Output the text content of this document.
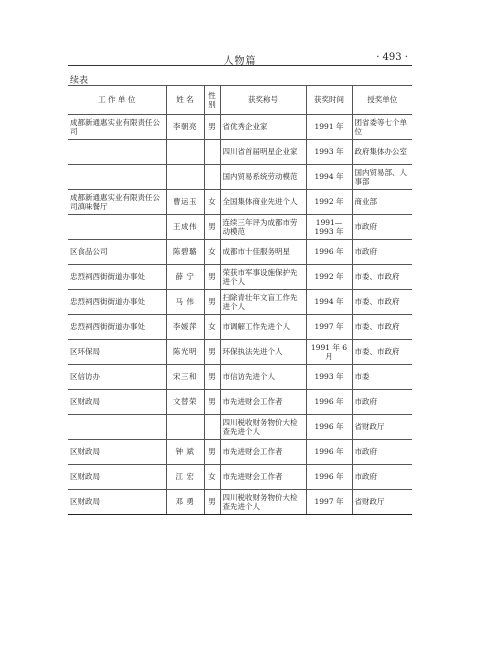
人物篇	· 493 ·
续表
工 作 单 位	姓 名	性别	获奖称号	获奖时间	授奖单位
成都新通惠实业有限责任公司	李朝亮	男	省优秀企业家	1991 年	团省委等七个单位
			四川省首届明星企业家	1993 年	政府集体办公室
			国内贸易系统劳动模范	1994 年	国内贸易部、人事部
成都新通惠实业有限责任公司滇味餐厅	曹运玉	女	全国集体商业先进个人	1992 年	商业部
	王成伟	男	连续三年评为成都市劳动模范	1991—1993 年	市政府
区食品公司	陈碧璐	女	成都市十佳服务明星	1996 年	市政府
忠烈祠西街街道办事处	薛 宁	男	荣获市军事设施保护先进个人	1992 年	市委、市政府
忠烈祠西街街道办事处	马 伟	男	扫除青壮年文盲工作先进个人	1994 年	市委、市政府
忠烈祠西街街道办事处	李媛萍	女	市调解工作先进个人	1997 年	市委、市政府
区环保局	陈光明	男	环保执法先进个人	1991 年 6月	市委、市政府
区信访办	宋三和	男	市信访先进个人	1993 年	市委
区财政局	文替荣	男	市先进财会工作者	1996 年	市政府
			四川税收财务物价大检查先进个人	1996 年	省财政厅
区财政局	钟 斌	男	市先进财会工作者	1996 年	市政府
区财政局	江 宏	女	市先进财会工作者	1996 年	市政府
区财政局	邓 勇	男	四川税收财务物价大检查先进个人	1997 年	省财政厅
